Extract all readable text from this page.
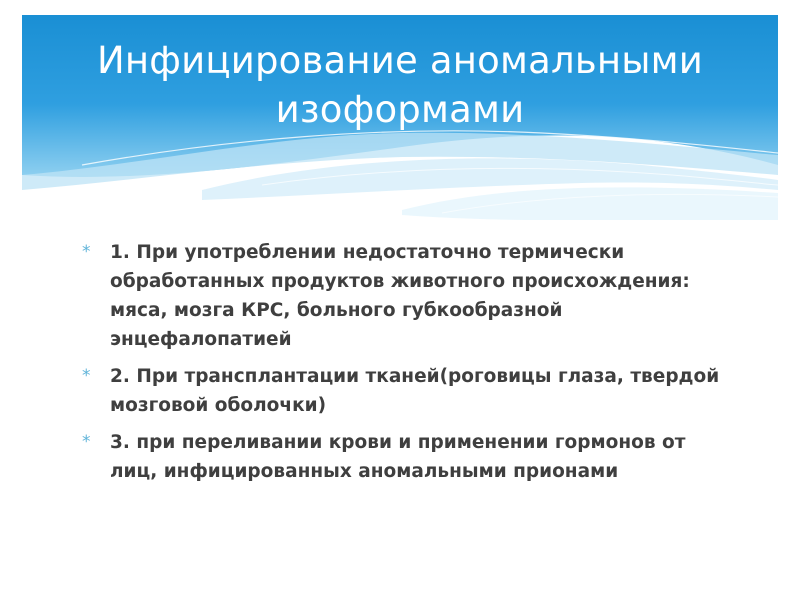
Инфицирование аномальными изоформами
* 1. При употреблении недостаточно термически обработанных продуктов животного происхождения: мяса, мозга КРС, больного губкообразной энцефалопатией
* 2. При трансплантации тканей(роговицы глаза, твердой мозговой оболочки)
* 3. при переливании крови и применении гормонов от лиц, инфицированных аномальными прионами
